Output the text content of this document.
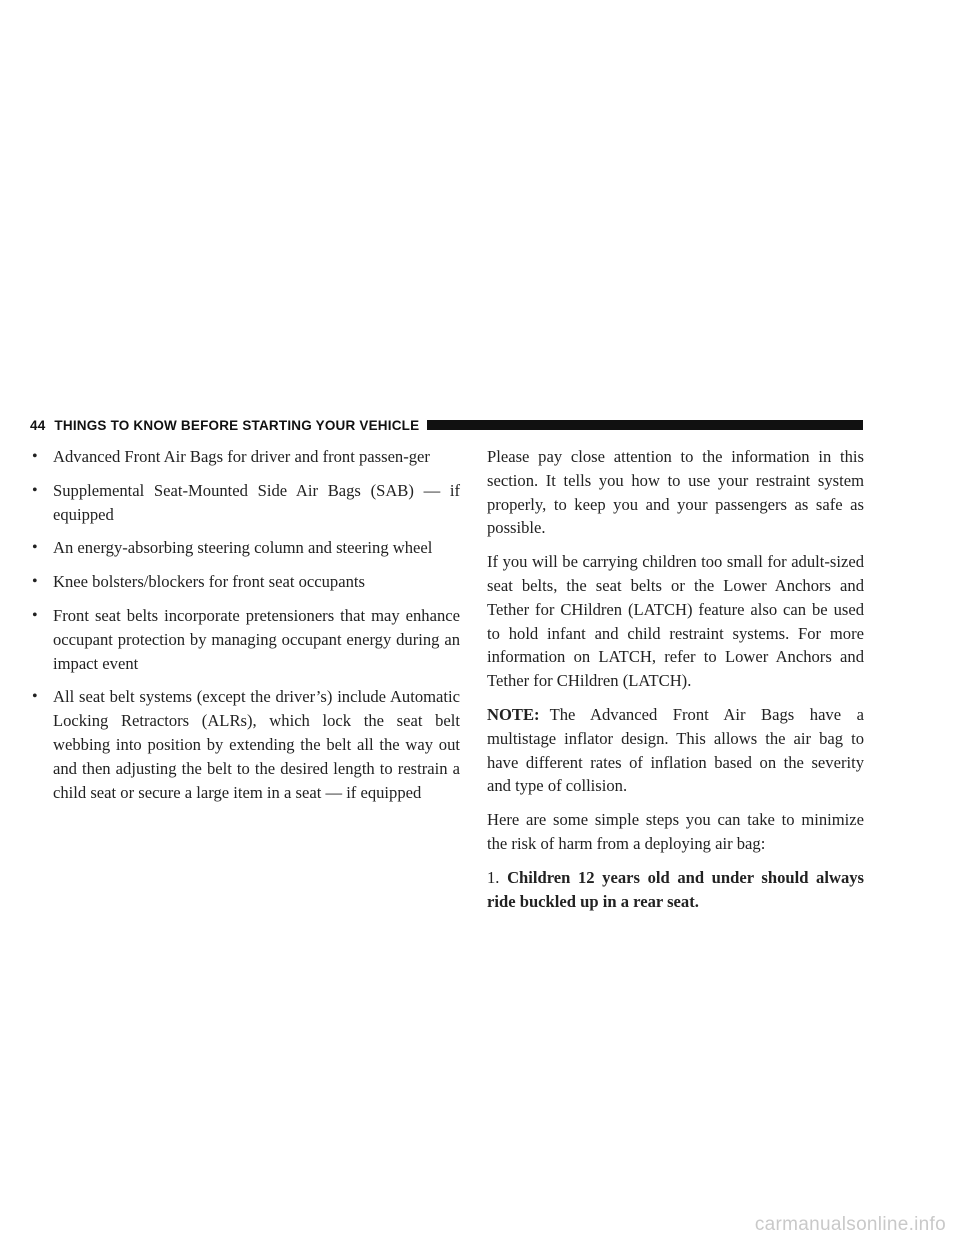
44 THINGS TO KNOW BEFORE STARTING YOUR VEHICLE
• Advanced Front Air Bags for driver and front passen-ger
• Supplemental Seat-Mounted Side Air Bags (SAB) — if equipped
• An energy-absorbing steering column and steering wheel
• Knee bolsters/blockers for front seat occupants
• Front seat belts incorporate pretensioners that may enhance occupant protection by managing occupant energy during an impact event
• All seat belt systems (except the driver’s) include Automatic Locking Retractors (ALRs), which lock the seat belt webbing into position by extending the belt all the way out and then adjusting the belt to the desired length to restrain a child seat or secure a large item in a seat — if equipped

Please pay close attention to the information in this section. It tells you how to use your restraint system properly, to keep you and your passengers as safe as possible.

If you will be carrying children too small for adult-sized seat belts, the seat belts or the Lower Anchors and Tether for CHildren (LATCH) feature also can be used to hold infant and child restraint systems. For more information on LATCH, refer to Lower Anchors and Tether for CHildren (LATCH).

NOTE: The Advanced Front Air Bags have a multistage inflator design. This allows the air bag to have different rates of inflation based on the severity and type of collision.

Here are some simple steps you can take to minimize the risk of harm from a deploying air bag:

1. Children 12 years old and under should always ride buckled up in a rear seat.

carmanualsonline.info
